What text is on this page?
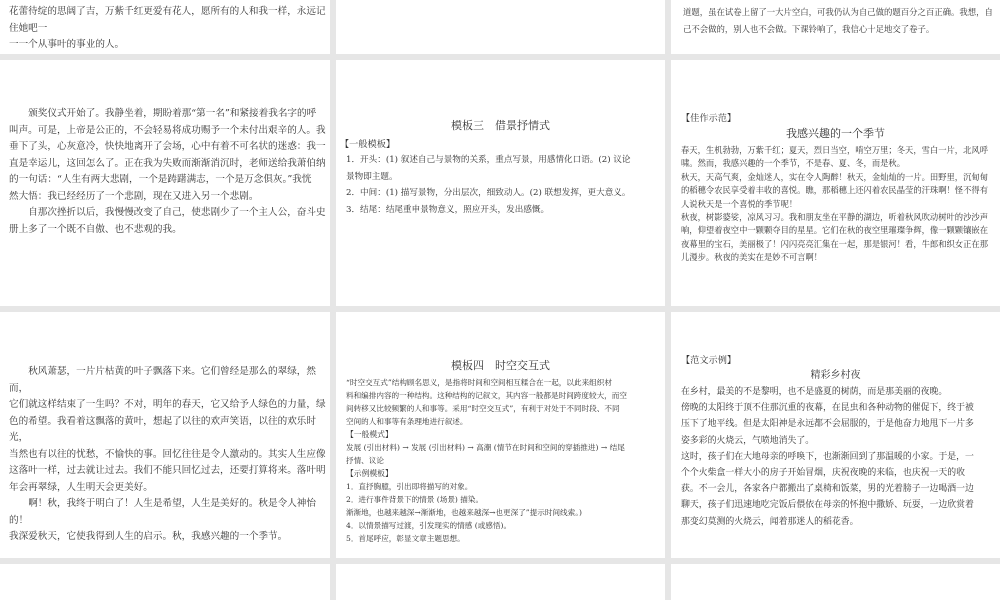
花蕾待绽的思阔了吉，万紫千红更爱有花人，愿所有的人和我一样，永远记住她吧一

一一个从事叶的事业的人。

道题，虽在试卷上留了一大片空白，可我仍认为自己做的题百分之百正确。我想，自

己不会做的，别人也不会做。下课铃响了，我信心十足地交了卷子。

颁奖仪式开始了。我静坐着，期盼着那“第一名”和紧接着我名字的呼

叫声。可是，上帝是公正的，不会轻易将成功赐予一个未付出艰辛的人。我

垂下了头，心灰意冷，快快地离开了会场，心中有着不可名状的迷惑：我一

直是幸运儿，这回怎么了。正在我为失败而渐渐消沉时，老师送给我萧伯纳

的一句话：“人生有两大悲剧，一个是踌躇满志，一个是万念俱灰。”我恍

然大悟：我已经经历了一个悲剧，现在又进入另一个悲剧。

自那次挫折以后，我慢慢改变了自己，使悲剧少了一个主人公，奋斗史

册上多了一个既不自傲、也不悲观的我。

模板三　借景抒情式

【一般模板】

1．开头：(1) 叙述自己与景物的关系，重点写景，用感情化口语。(2) 议论

景物即主题。

2．中间：(1) 描写景物，分出层次，细致动人。(2) 联想发挥，更大意义。

3．结尾：结尾重申景物意义，照应开头，发出感慨。

【佳作示范】

我感兴趣的一个季节

春天，生机勃勃，万紫千红；夏天，烈日当空，啃空万里；冬天，雪白一片，北风呼

啸。然而，我感兴趣的一个季节，不是春、夏、冬，而是秋。

秋天，天高气爽，金灿迷人，实在令人陶醉！秋天，金灿灿的一片。田野里，沉甸甸

的稻穗令农民享受着丰收的喜悦。瞧，那稻穗上还闪着农民晶莹的汗珠啊！怪不得有

人说秋天是一个喜悦的季节呢！

秋夜，树影婆娑，凉风习习。我和朋友坐在平静的湖边，听着秋风吹动树叶的沙沙声

响，仰望着夜空中一颗颗夺目的星星。它们在秋的夜空里璀璨争辉，像一颗颗镶嵌在

夜幕里的宝石，美丽极了！闪闪亮亮汇集在一起，那是银河！看，牛郎和织女正在那

儿漫步。秋夜的美实在是妙不可言啊！

秋风萧瑟，一片片枯黄的叶子飘落下来。它们曾经是那么的翠绿，然而，

它们就这样结束了一生吗？不对，明年的春天，它又给予人绿色的力量，绿

色的希望。我看着这飘落的黄叶，想起了以往的欢声笑语，以往的欢乐时光，

当然也有以往的忧愁，不愉快的事。回忆往往是令人激动的。其实人生应像

这落叶一样，过去就让过去。我们不能只回忆过去，还要打算将来。落叶明

年会再翠绿，人生明天会更美好。

啊！秋，我终于明白了！人生是希望，人生是美好的。秋是令人神怡的！

我深爱秋天，它使我得到人生的启示。秋，我感兴趣的一个季节。

模板四　时空交互式

“时空交互式”结构顾名思义，是指将时间和空间相互糅合在一起，以此来组织材

料和编排内容的一种结构。这种结构的记叙文，其内容一般都是时间跨度较大，而空

间转移又比较频繁的人和事等。采用“时空交互式”，有利于对处于不同时段、不同

空间的人和事等有条理地进行叙述。

【一般模式】

发展 (引出材料) → 发展 (引出材料) → 高潮 (情节在时间和空间的穿插推进) → 结尾

抒情、议论

【示例模板】

1．直抒胸臆，引出即将描写的对象。

2．进行事件背景下的情景 (场景) 描染。

渐渐地，也越来越深→渐渐地，也越来越深→也更深了”提示时间线索。)

4．以情景描写过渡，引发现实的情感 (或感悟)。

5．首尾呼应，彰显文章主题思想。

【范文示例】

精彩乡村夜

在乡村，最美的不是黎明，也不是盛夏的树荫，而是那美丽的夜晚。

傍晚的太阳终于顶不住那沉重的夜幕，在昆虫和各种动物的催促下，终于被

压下了地平线。但是太阳神是永远都不会屈服的，于是他奋力地甩下一片多

姿多彩的火烧云，气喷地消失了。

这时，孩子们在大地母亲的呼唤下，也渐渐回到了那温暖的小家。于是，一

个个火柴盒一样大小的房子开始冒烟，庆祝夜晚的来临，也庆祝一天的收

获。不一会儿，各家各户都搬出了桌椅和饭菜，男的光着膀子一边喝酒一边

聊天，孩子们迅速地吃完饭后偎依在母亲的怀抱中撒娇、玩耍，一边欣赏着

那变幻莫测的火烧云，闻着那迷人的稻花香。
